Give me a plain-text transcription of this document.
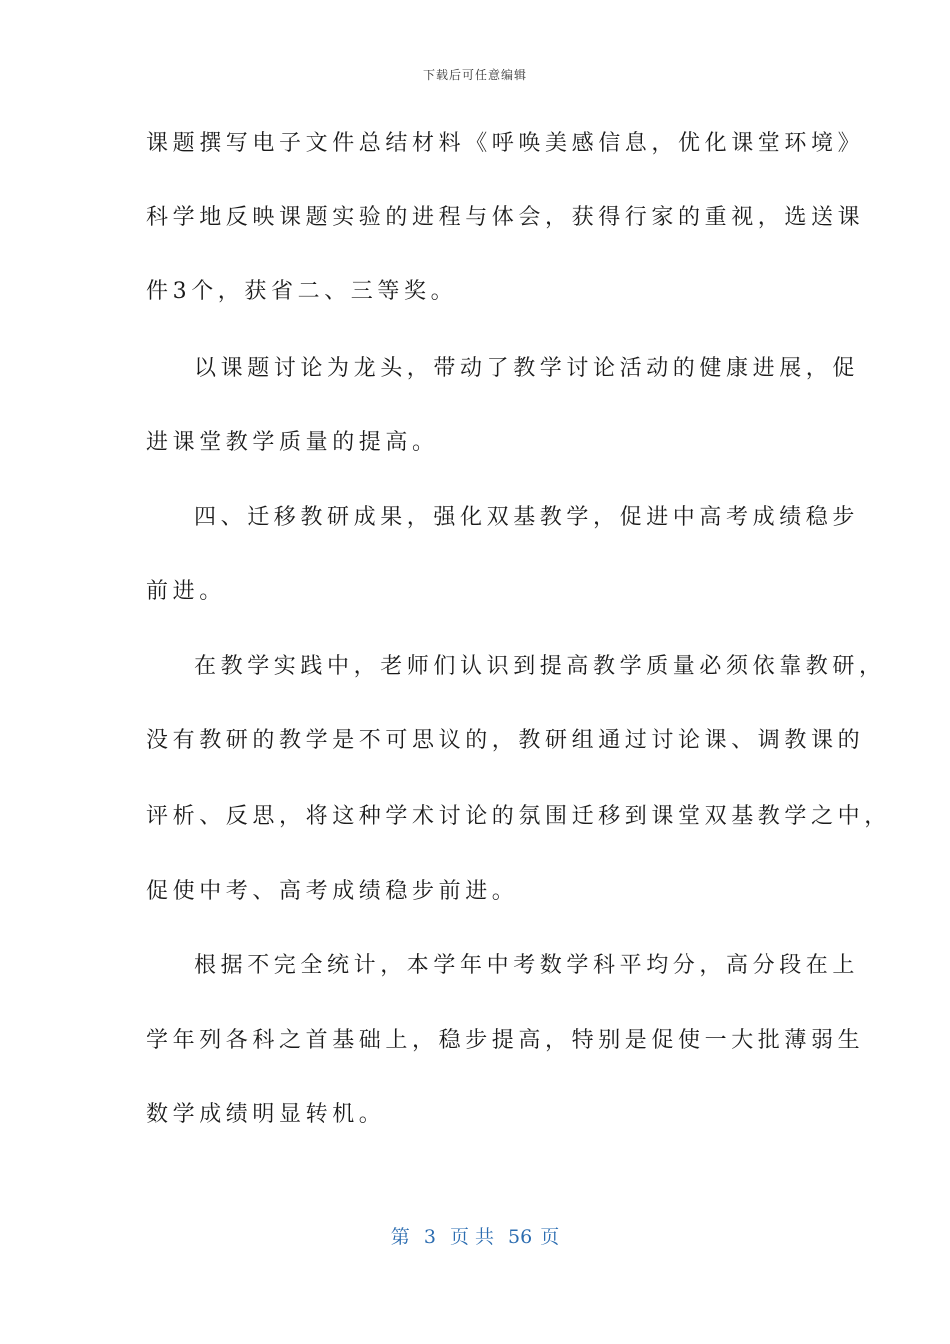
下载后可任意编辑
课题撰写电子文件总结材料《呼唤美感信息，优化课堂环境》
科学地反映课题实验的进程与体会，获得行家的重视，选送课
件3个，获省二、三等奖。
以课题讨论为龙头，带动了教学讨论活动的健康进展，促
进课堂教学质量的提高。
四、迁移教研成果，强化双基教学，促进中高考成绩稳步
前进。
在教学实践中，老师们认识到提高教学质量必须依靠教研，
没有教研的教学是不可思议的，教研组通过讨论课、调教课的
评析、反思，将这种学术讨论的氛围迁移到课堂双基教学之中，
促使中考、高考成绩稳步前进。
根据不完全统计，本学年中考数学科平均分，高分段在上
学年列各科之首基础上，稳步提高，特别是促使一大批薄弱生
数学成绩明显转机。
第 3 页 共 56 页
